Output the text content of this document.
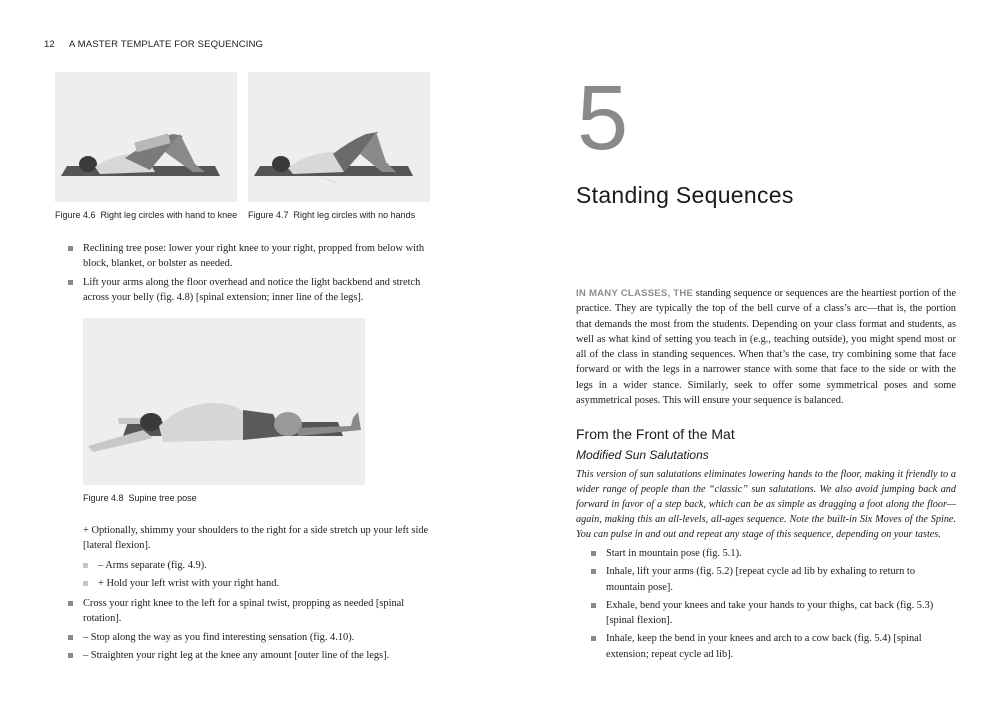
12 A MASTER TEMPLATE FOR SEQUENCING
Figure 4.6 Right leg circles with hand to knee Figure 4.7 Right leg circles with no hands
Reclining tree pose: lower your right knee to your right, propped from below with block, blanket, or bolster as needed.
Lift your arms along the floor overhead and notice the light backbend and stretch across your belly (fig. 4.8) [spinal extension; inner line of the legs].
Figure 4.8 Supine tree pose
+ Optionally, shimmy your shoulders to the right for a side stretch up your left side [lateral flexion].
– Arms separate (fig. 4.9).
+ Hold your left wrist with your right hand.
Cross your right knee to the left for a spinal twist, propping as needed [spinal rotation].
– Stop along the way as you find interesting sensation (fig. 4.10).
– Straighten your right leg at the knee any amount [outer line of the legs].
5
Standing Sequences
IN MANY CLASSES, THE standing sequence or sequences are the heartiest portion of the practice. They are typically the top of the bell curve of a class’s arc—that is, the portion that demands the most from the students. Depending on your class format and students, as well as what kind of setting you teach in (e.g., teaching outside), you might spend most or all of the class in standing sequences. When that’s the case, try combining some that face forward or with the legs in a narrower stance with some that face to the side or with the legs in a wider stance. Similarly, seek to offer some symmetrical poses and some asymmetrical poses. This will ensure your sequence is balanced.
From the Front of the Mat
Modified Sun Salutations
This version of sun salutations eliminates lowering hands to the floor, making it friendly to a wider range of people than the “classic” sun salutations. We also avoid jumping back and forward in favor of a step back, which can be as simple as dragging a foot along the floor—again, making this an all-levels, all-ages sequence. Note the built-in Six Moves of the Spine. You can pulse in and out and repeat any stage of this sequence, depending on your tastes.
Start in mountain pose (fig. 5.1).
Inhale, lift your arms (fig. 5.2) [repeat cycle ad lib by exhaling to return to mountain pose].
Exhale, bend your knees and take your hands to your thighs, cat back (fig. 5.3) [spinal flexion].
Inhale, keep the bend in your knees and arch to a cow back (fig. 5.4) [spinal extension; repeat cycle ad lib].
